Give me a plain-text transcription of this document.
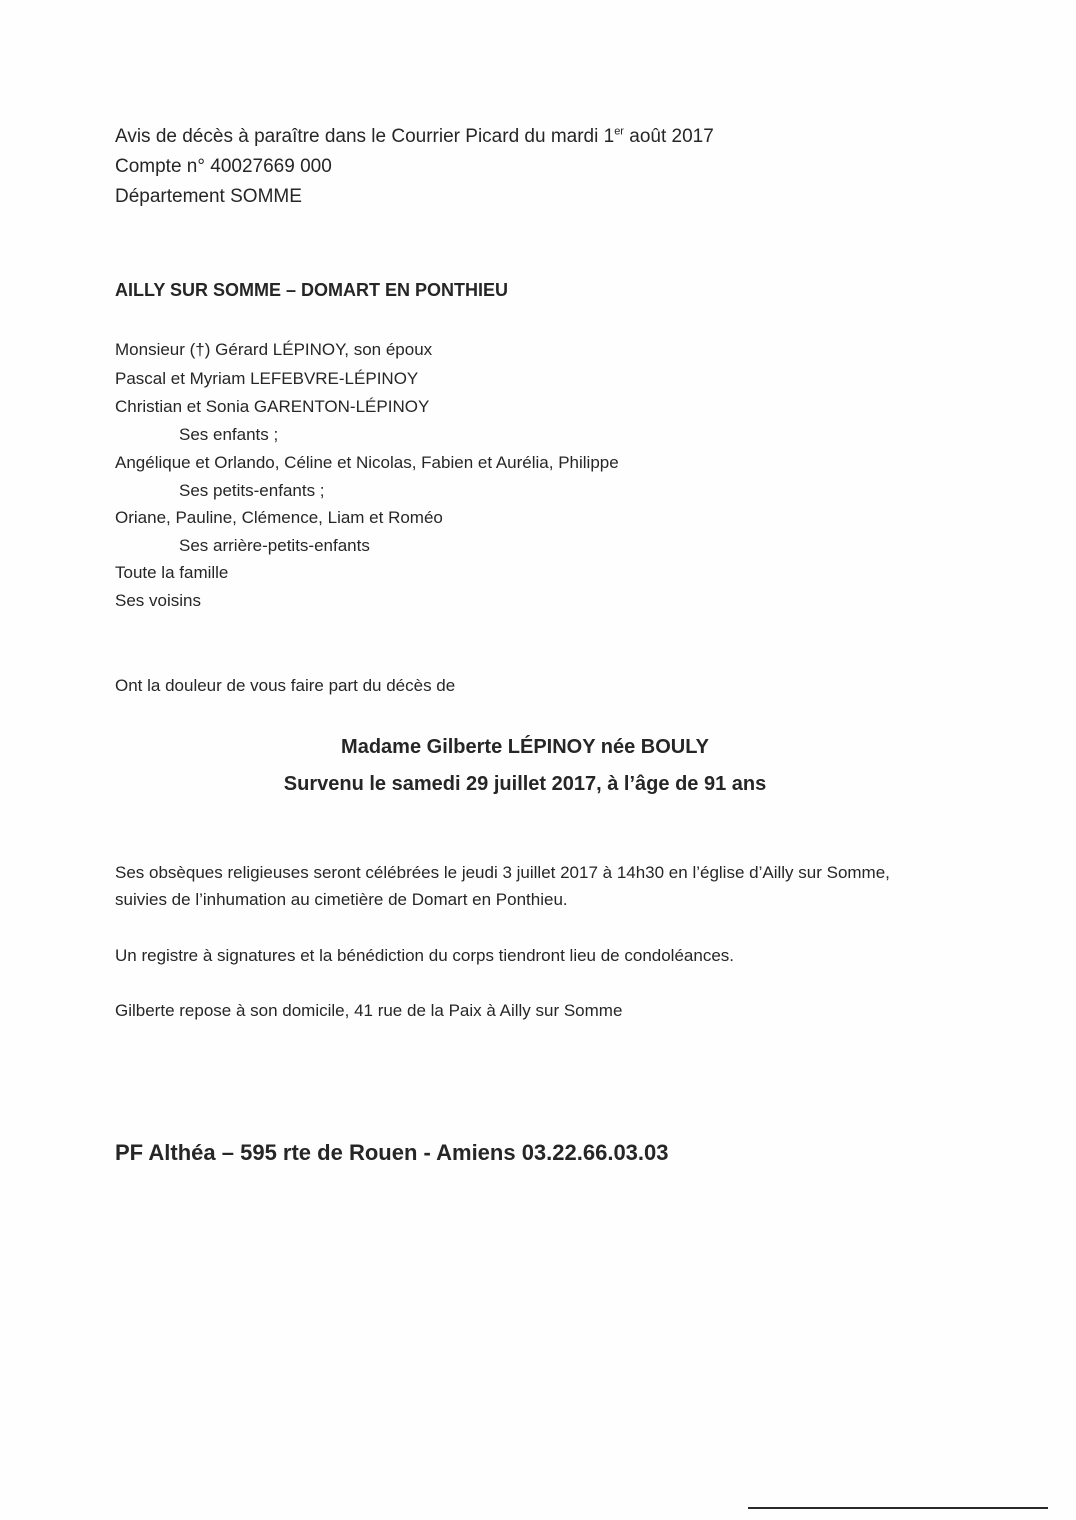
Avis de décès à paraître dans le Courrier Picard du mardi 1er août 2017
Compte n° 40027669 000
Département SOMME
AILLY SUR SOMME – DOMART EN PONTHIEU
Monsieur (†) Gérard LÉPINOY, son époux
Pascal et Myriam LEFEBVRE-LÉPINOY
Christian et Sonia GARENTON-LÉPINOY
Ses enfants ;
Angélique et Orlando, Céline et Nicolas, Fabien et Aurélia, Philippe
Ses petits-enfants ;
Oriane, Pauline, Clémence, Liam et Roméo
Ses arrière-petits-enfants
Toute la famille
Ses voisins
Ont la douleur de vous faire part du décès de
Madame Gilberte LÉPINOY née BOULY
Survenu le samedi 29 juillet 2017, à l’âge de 91 ans
Ses obsèques religieuses seront célébrées le jeudi 3 juillet 2017 à 14h30 en l’église d’Ailly sur Somme,
suivies de l’inhumation au cimetière de Domart en Ponthieu.
Un registre à signatures et la bénédiction du corps tiendront lieu de condoléances.
Gilberte repose à son domicile, 41 rue de la Paix à Ailly sur Somme
PF Althéa – 595 rte de Rouen - Amiens 03.22.66.03.03
